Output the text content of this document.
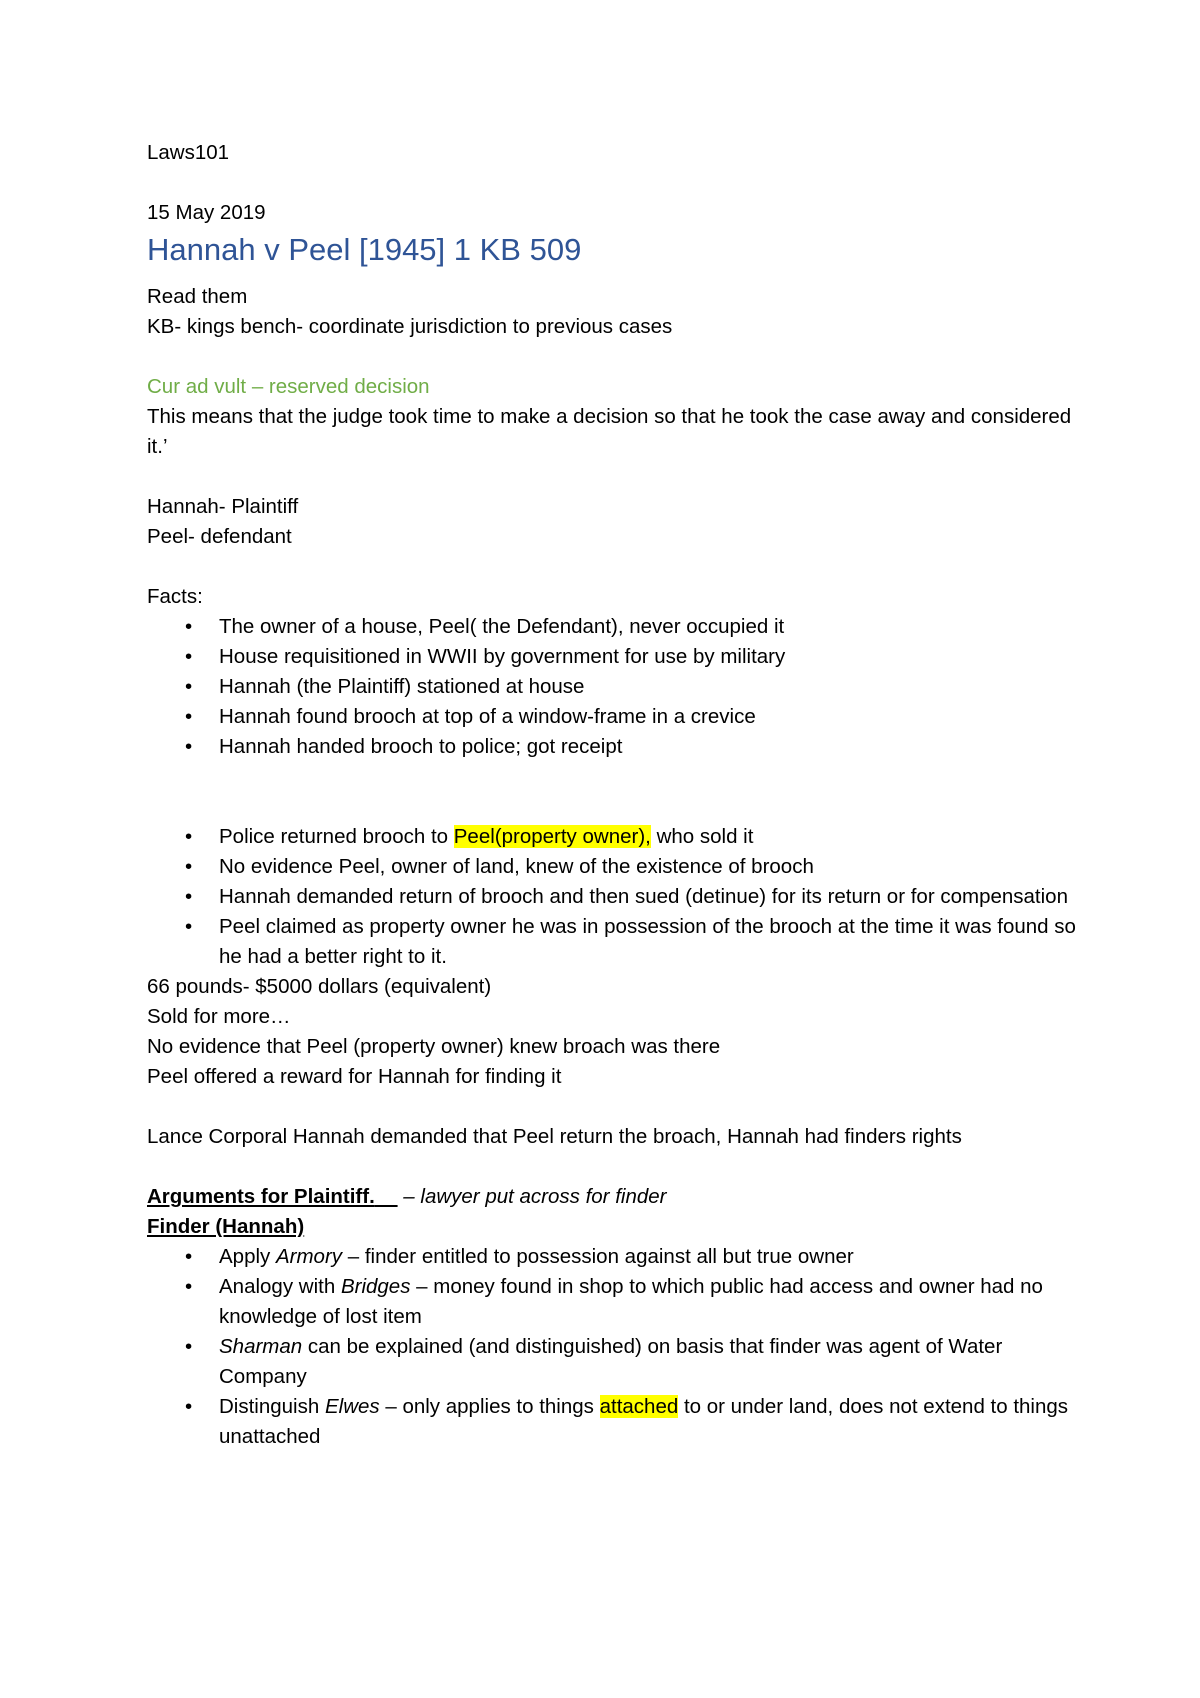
Laws101

15 May 2019

Hannah v Peel [1945] 1 KB 509

Read them

KB- kings bench- coordinate jurisdiction to previous cases

Cur ad vult – reserved decision

This means that the judge took time to make a decision so that he took the case away and considered it.’

Hannah- Plaintiff

Peel- defendant

Facts:

• The owner of a house, Peel( the Defendant), never occupied it
• House requisitioned in WWII by government for use by military
• Hannah (the Plaintiff) stationed at house
• Hannah found brooch at top of a window-frame in a crevice
• Hannah handed brooch to police; got receipt
• Police returned brooch to Peel(property owner), who sold it
• No evidence Peel, owner of land, knew of the existence of brooch
• Hannah demanded return of brooch and then sued (detinue) for its return or for compensation
• Peel claimed as property owner he was in possession of the brooch at the time it was found so he had a better right to it.

66 pounds- $5000 dollars (equivalent)

Sold for more…

No evidence that Peel (property owner) knew broach was there

Peel offered a reward for Hannah for finding it

Lance Corporal Hannah demanded that Peel return the broach, Hannah had finders rights

Arguments for Plaintiff.     – lawyer put across for finder

Finder (Hannah)

• Apply Armory – finder entitled to possession against all but true owner
• Analogy with Bridges – money found in shop to which public had access and owner had no knowledge of lost item
• Sharman can be explained (and distinguished) on basis that finder was agent of Water Company
• Distinguish Elwes – only applies to things attached to or under land, does not extend to things unattached
